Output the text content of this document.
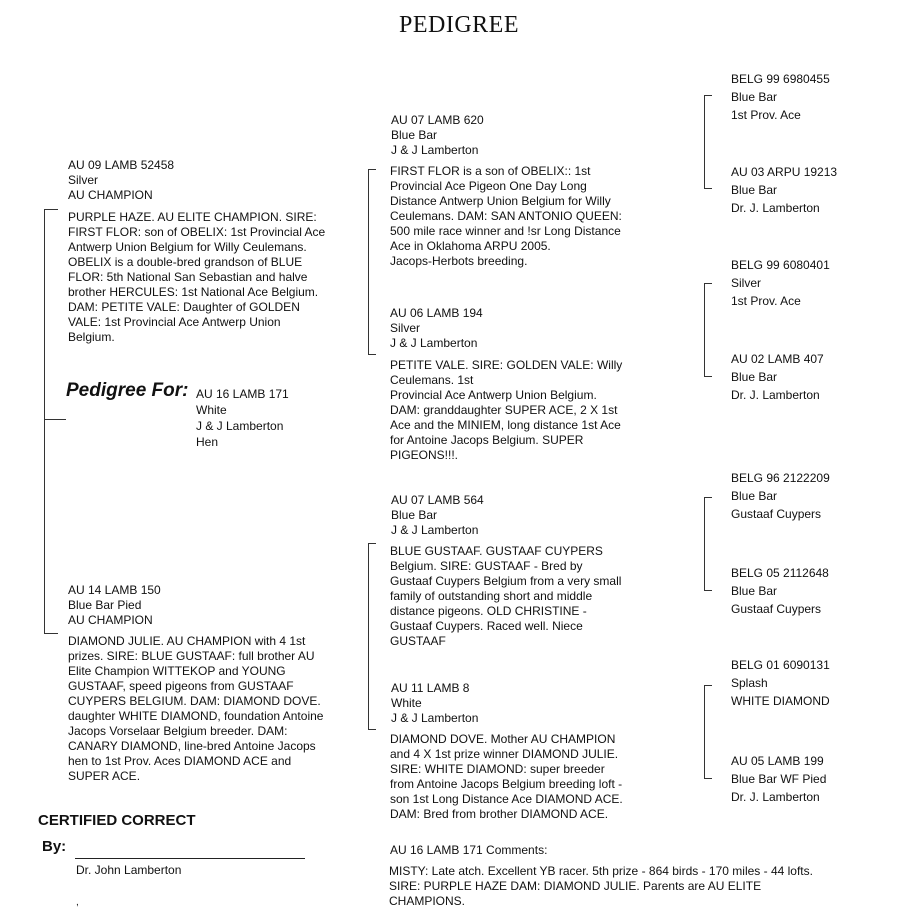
PEDIGREE
AU 09 LAMB 52458
Silver
AU CHAMPION
PURPLE HAZE. AU ELITE CHAMPION. SIRE:
FIRST FLOR: son of OBELIX: 1st Provincial Ace
Antwerp Union Belgium for Willy Ceulemans.
OBELIX is a double-bred grandson of BLUE
FLOR: 5th National San Sebastian and halve
brother HERCULES: 1st National Ace Belgium.
DAM: PETITE VALE: Daughter of GOLDEN
VALE: 1st Provincial Ace Antwerp Union
Belgium.
Pedigree For: AU 16 LAMB 171
White
J & J Lamberton
Hen
AU 14 LAMB 150
Blue Bar Pied
AU CHAMPION
DIAMOND JULIE. AU CHAMPION with 4 1st
prizes. SIRE: BLUE GUSTAAF: full brother AU
Elite Champion WITTEKOP and YOUNG
GUSTAAF, speed pigeons from GUSTAAF
CUYPERS BELGIUM. DAM: DIAMOND DOVE.
daughter WHITE DIAMOND, foundation Antoine
Jacops Vorselaar Belgium breeder. DAM:
CANARY DIAMOND, line-bred Antoine Jacops
hen to 1st Prov. Aces DIAMOND ACE and
SUPER ACE.
AU 07 LAMB 620
Blue Bar
J & J Lamberton
FIRST FLOR is a son of OBELIX:: 1st
Provincial Ace Pigeon One Day Long
Distance Antwerp Union Belgium for Willy
Ceulemans. DAM: SAN ANTONIO QUEEN:
500 mile race winner and !sr Long Distance
Ace in Oklahoma ARPU 2005.
Jacops-Herbots breeding.
AU 06 LAMB 194
Silver
J & J Lamberton
PETITE VALE. SIRE: GOLDEN VALE: Willy
Ceulemans. 1st
Provincial Ace Antwerp Union Belgium.
DAM: granddaughter SUPER ACE, 2 X 1st
Ace and the MINIEM, long distance 1st Ace
for Antoine Jacops Belgium. SUPER
PIGEONS!!!.
AU 07 LAMB 564
Blue Bar
J & J Lamberton
BLUE GUSTAAF. GUSTAAF CUYPERS
Belgium. SIRE: GUSTAAF - Bred by
Gustaaf Cuypers Belgium from a very small
family of outstanding short and middle
distance pigeons. OLD CHRISTINE -
Gustaaf Cuypers. Raced well. Niece
GUSTAAF
AU 11 LAMB 8
White
J & J Lamberton
DIAMOND DOVE. Mother AU CHAMPION
and 4 X 1st prize winner DIAMOND JULIE.
SIRE: WHITE DIAMOND: super breeder
from Antoine Jacops Belgium breeding loft -
son 1st Long Distance Ace DIAMOND ACE.
DAM: Bred from brother DIAMOND ACE.
BELG 99 6980455
Blue Bar
1st Prov. Ace
AU 03 ARPU 19213
Blue Bar
Dr. J. Lamberton
BELG 99 6080401
Silver
1st Prov. Ace
AU 02 LAMB 407
Blue Bar
Dr. J. Lamberton
BELG 96 2122209
Blue Bar
Gustaaf Cuypers
BELG 05 2112648
Blue Bar
Gustaaf Cuypers
BELG 01 6090131
Splash
WHITE DIAMOND
AU 05 LAMB 199
Blue Bar WF Pied
Dr. J. Lamberton
AU 16 LAMB 171 Comments:
MISTY: Late atch. Excellent YB racer. 5th prize - 864 birds - 170 miles - 44 lofts.
SIRE: PURPLE HAZE DAM: DIAMOND JULIE. Parents are AU ELITE
CHAMPIONS.
CERTIFIED CORRECT
By:
Dr. John Lamberton
,
